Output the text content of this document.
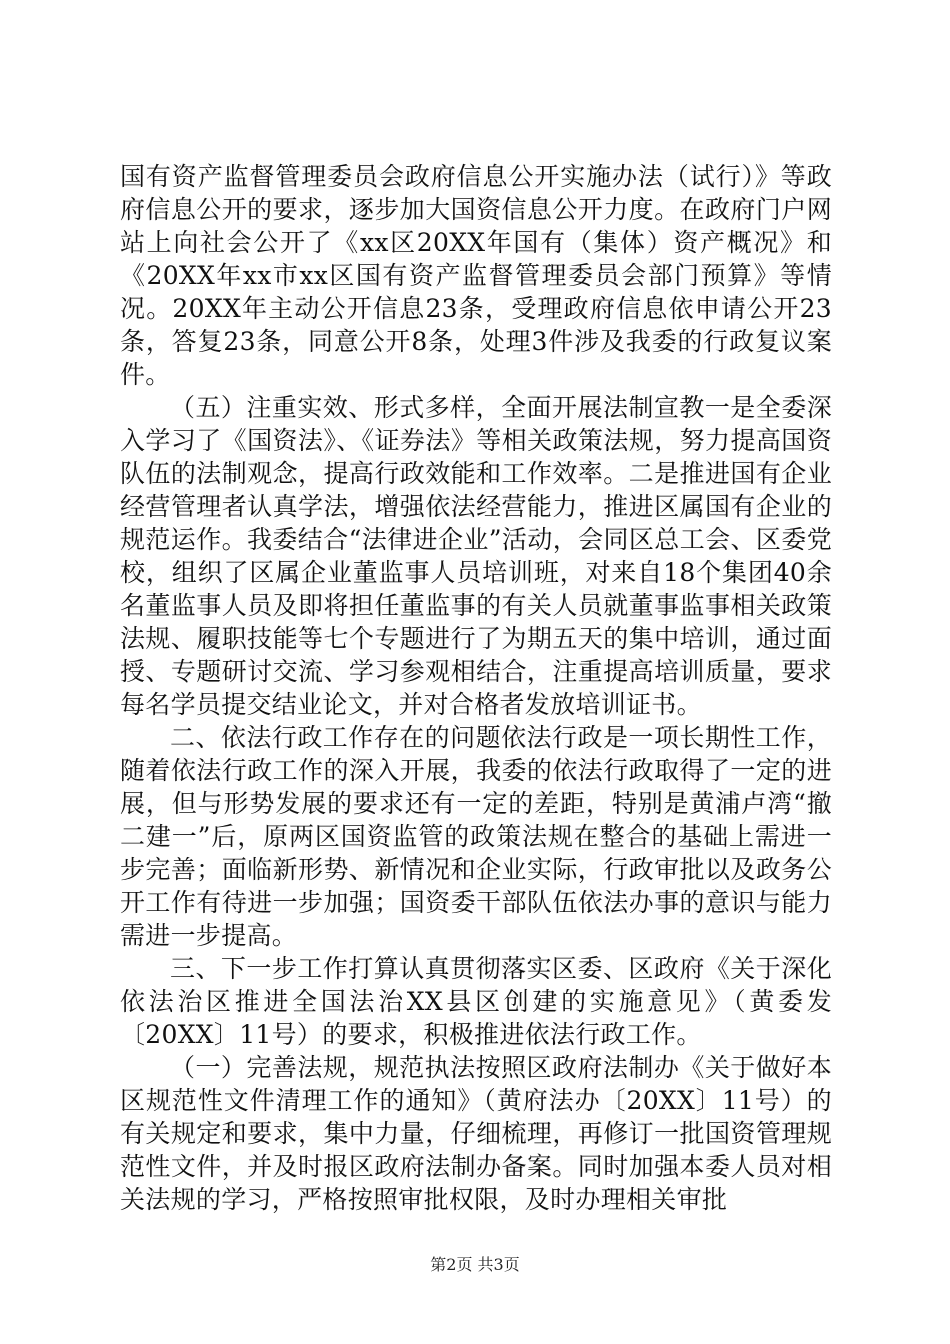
国有资产监督管理委员会政府信息公开实施办法（试行）》等政府信息公开的要求，逐步加大国资信息公开力度。在政府门户网站上向社会公开了《xx区20XX年国有（集体）资产概况》和《20XX年xx市xx区国有资产监督管理委员会部门预算》等情况。20XX年主动公开信息23条，受理政府信息依申请公开23条，答复23条，同意公开8条，处理3件涉及我委的行政复议案件。

（五）注重实效、形式多样，全面开展法制宣教一是全委深入学习了《国资法》、《证券法》等相关政策法规，努力提高国资队伍的法制观念，提高行政效能和工作效率。二是推进国有企业经营管理者认真学法，增强依法经营能力，推进区属国有企业的规范运作。我委结合“法律进企业”活动，会同区总工会、区委党校，组织了区属企业董监事人员培训班，对来自18个集团40余名董监事人员及即将担任董监事的有关人员就董事监事相关政策法规、履职技能等七个专题进行了为期五天的集中培训，通过面授、专题研讨交流、学习参观相结合，注重提高培训质量，要求每名学员提交结业论文，并对合格者发放培训证书。

二、依法行政工作存在的问题依法行政是一项长期性工作，随着依法行政工作的深入开展，我委的依法行政取得了一定的进展，但与形势发展的要求还有一定的差距，特别是黄浦卢湾“撤二建一”后，原两区国资监管的政策法规在整合的基础上需进一步完善；面临新形势、新情况和企业实际，行政审批以及政务公开工作有待进一步加强；国资委干部队伍依法办事的意识与能力需进一步提高。

三、下一步工作打算认真贯彻落实区委、区政府《关于深化依法治区推进全国法治XX县区创建的实施意见》（黄委发〔20XX〕11号）的要求，积极推进依法行政工作。

（一）完善法规，规范执法按照区政府法制办《关于做好本区规范性文件清理工作的通知》（黄府法办〔20XX〕11号）的有关规定和要求，集中力量，仔细梳理，再修订一批国资管理规范性文件，并及时报区政府法制办备案。同时加强本委人员对相关法规的学习，严格按照审批权限，及时办理相关审批

第2页 共3页
